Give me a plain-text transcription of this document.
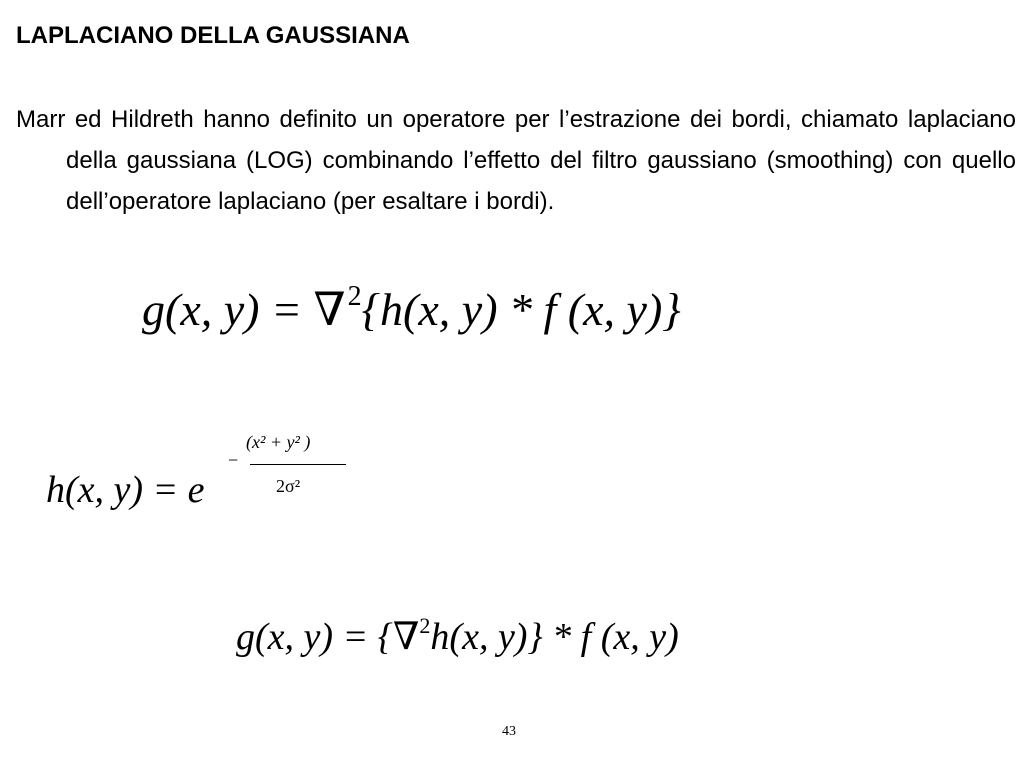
LAPLACIANO DELLA GAUSSIANA
Marr ed Hildreth hanno definito un operatore per l’estrazione dei bordi, chiamato laplaciano della gaussiana (LOG) combinando l’effetto del filtro gaussiano (smoothing) con quello dell’operatore laplaciano (per esaltare i bordi).
g(x, y) = ∇$^2${h(x, y) * f (x, y)}
h(x, y) = e
−
(x² + y² )
2σ²
g(x, y) = {∇$^2$h(x, y)} * f (x, y)
43
